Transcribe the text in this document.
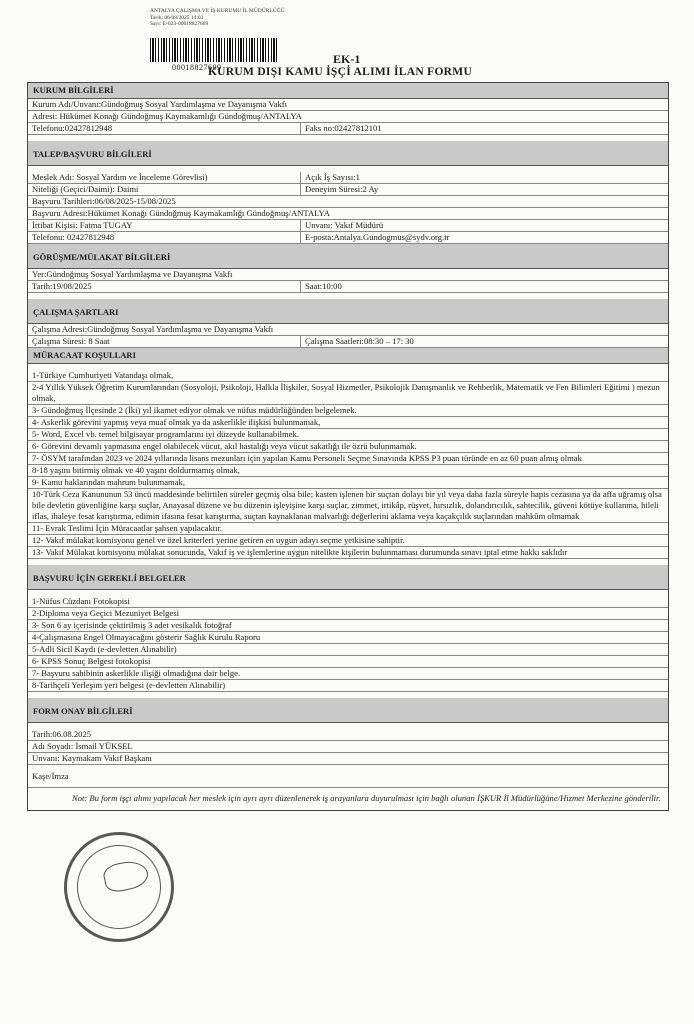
ANTALYA ÇALIŞMA VE İŞ KURUMU İL MÜDÜRLÜĞÜ
Tarih: 06/08/2025 14:03
Sayı: E-023-00018827609
00018827609
EK-1
KURUM DIŞI KAMU İŞÇİ ALIMI İLAN FORMU
KURUM BİLGİLERİ
Kurum Adı/Unvanı:Gündoğmuş Sosyal Yardımlaşma ve Dayanışma Vakfı
Adresi: Hükümet Konağı Gündoğmuş Kaymakamlığı Gündoğmuş/ANTALYA
Telefonu:02427812948	Faks no:02427812101
TALEP/BAŞVURU BİLGİLERİ
Meslek Adı: Sosyal Yardım ve İnceleme Görevlisi)	Açık İş Sayısı:1
Niteliği (Geçici/Daimi): Daimi	Deneyim Süresi:2 Ay
Başvuru Tarihleri:06/08/2025-15/08/2025
Başvuru Adresi:Hükümet Konağı Gündoğmuş Kaymakamlığı Gündoğmuş/ANTALYA
İrtibat Kişisi: Fatma TUGAY	Unvanı: Vakıf Müdürü
Telefonu: 02427812948	E-posta:Antalya.Gundogmus@sydv.org.tr
GÖRÜŞME/MÜLAKAT BİLGİLERİ
Yer:Gündoğmuş Sosyal Yardımlaşma ve Dayanışma Vakfı
Tarih:19/08/2025	Saat:10:00
ÇALIŞMA ŞARTLARI
Çalışma Adresi:Gündoğmuş Sosyal Yardımlaşma ve Dayanışma Vakfı
Çalışma Süresi: 8 Saat	Çalışma Saatleri:08:30 – 17: 30
MÜRACAAT KOŞULLARI
1-Türkiye Cumhuriyeti Vatandaşı olmak,
2-4 Yıllık Yüksek Öğretim Kurumlarından (Sosyoloji, Psikoloji, Halkla İlişkiler, Sosyal Hizmetler, Psikolojik Danışmanlık ve Rehberlik, Matematik ve Fen Bilimleri Eğitimi ) mezun olmak,
3- Gündoğmuş İlçesinde 2 (İki) yıl ikamet ediyor olmak ve nüfus müdürlüğünden belgelemek.
4- Askerlik görevini yapmış veya muaf olmak ya da askerlikle ilişkisi bulunmamak,
5- Word, Excel vb. temel bilgisayar programlarını iyi düzeyde kullanabilmek.
6- Görevini devamlı yapmasına engel olabilecek vücut, akıl hastalığı veya vücut sakatlığı ile özrü bulunmamak.
7- ÖSYM tarafından 2023 ve 2024 yıllarında lisans mezunları için yapılan Kamu Personeli Seçme Sınavında KPSS P3 puan türünde en az 60 puan almış olmak
8-18 yaşını bitirmiş olmak ve 40 yaşını doldurmamış olmak,
9- Kamu haklarından mahrum bulunmamak,
10-Türk Ceza Kanununun 53 üncü maddesinde belirtilen süreler geçmiş olsa bile; kasten işlenen bir suçtan dolayı bir yıl veya daha fazla süreyle hapis cezasına ya da affa uğramış olsa bile devletin güvenliğine karşı suçlar, Anayasal düzene ve bu düzenin işleyişine karşı suçlar, zimmet, irtikâp, rüşvet, hırsızlık, dolandırıcılık, sahtecilik, güveni kötüye kullanma, hileli iflas, ihaleye fesat karıştırma, edimin ifasına fesat karıştırma, suçtan kaynaklanan malvarlığı değerlerini aklama veya kaçakçılık suçlarından mahkûm olmamak
11- Evrak Teslimi İçin Müracaatlar şahsen yapılacaktır.
12- Vakıf mülakat komisyonu genel ve özel kriterleri yerine getiren en uygun adayı seçme yetkisine sahiptir.
13- Vakıf Mülakat komisyonu mülakat sonucunda, Vakıf iş ve işlemlerine uygun nitelikte kişilerin bulunmaması durumunda sınavı iptal etme hakkı saklıdır
BAŞVURU İÇİN GEREKLİ BELGELER
1-Nüfus Cüzdanı Fotokopisi
2-Diploma veya Geçici Mezuniyet Belgesi
3- Son 6 ay içerisinde çektirilmiş 3 adet vesikalık fotoğraf
4-Çalışmasına Engel Olmayacağını gösterir Sağlık Kurulu Raporu
5-Adli Sicil Kaydı (e-devletten Alınabilir)
6- KPSS Sonuç Belgesi fotokopisi
7- Başvuru sahibinin askerlikle ilişiği olmadığına dair belge.
8-Tarihçeli Yerleşim yeri belgesi (e-devletten Alınabilir)
FORM ONAY BİLGİLERİ
Tarih:06.08.2025
Adı Soyadı: İsmail YÜKSEL
Unvanı: Kaymakam Vakıf Başkanı
Kaşe/İmza
Not: Bu form işçi alımı yapılacak her meslek için ayrı ayrı düzenlenerek iş arayanlara duyurulması için bağlı olunan İŞKUR İl Müdürlüğüne/Hizmet Merkezine gönderilir.
